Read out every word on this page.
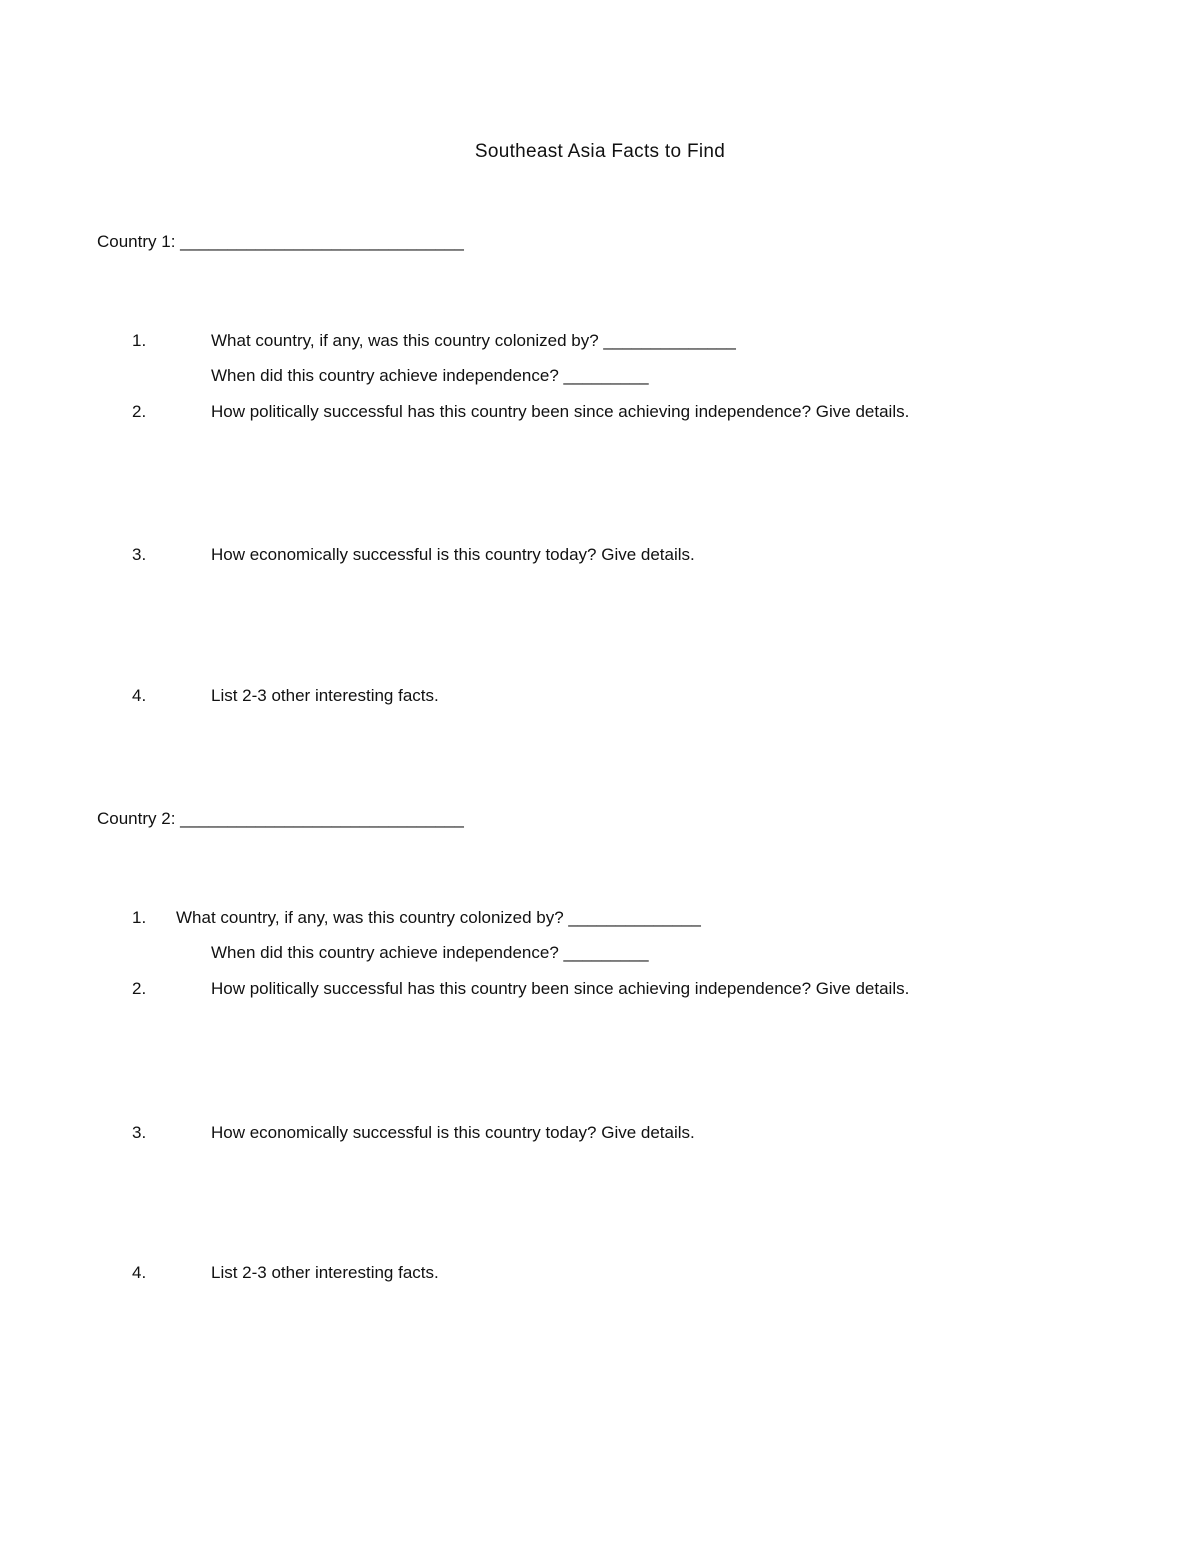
Southeast Asia Facts to Find
Country 1: ______________________________
1.	What country, if any, was this country colonized by? ______________
When did this country achieve independence? _________
2.	How politically successful has this country been since achieving independence? Give details.
3.	How economically successful is this country today? Give details.
4.	List 2-3 other interesting facts.
Country 2: ______________________________
1. What country, if any, was this country colonized by? ______________
When did this country achieve independence? _________
2.	How politically successful has this country been since achieving independence? Give details.
3.	How economically successful is this country today? Give details.
4.	List 2-3 other interesting facts.
